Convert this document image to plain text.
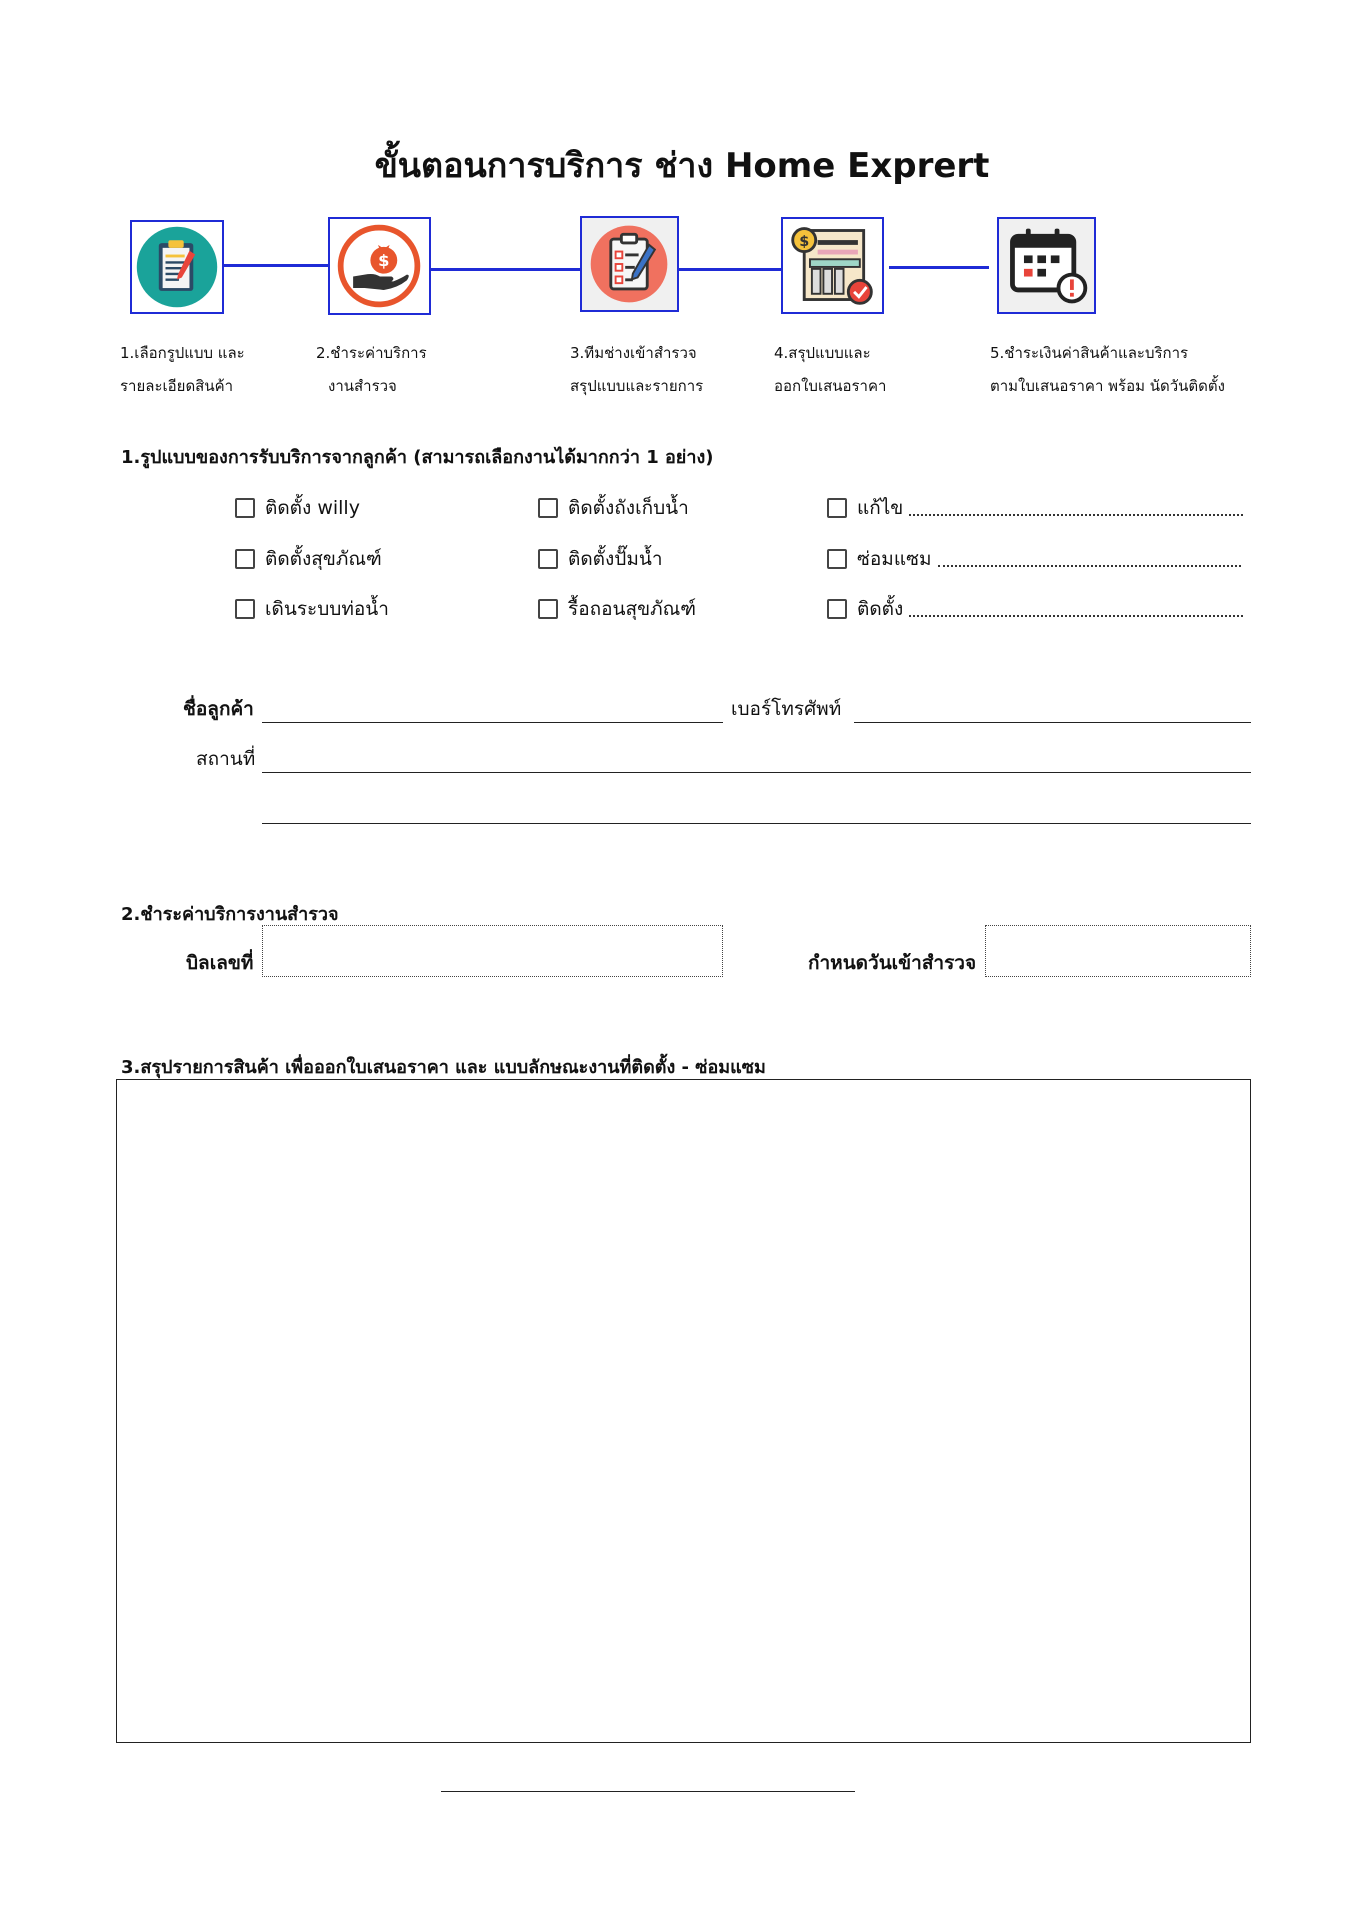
ขั้นตอนการบริการ ช่าง Home Exprert
$
$
1.เลือกรูปแบบ และ
รายละเอียดสินค้า
2.ชำระค่าบริการ
งานสำรวจ
3.ทีมช่างเข้าสำรวจ
สรุปแบบและรายการ
4.สรุปแบบและ
ออกใบเสนอราคา
5.ชำระเงินค่าสินค้าและบริการ
ตามใบเสนอราคา พร้อม นัดวันติดตั้ง
1.รูปแบบของการรับบริการจากลูกค้า (สามารถเลือกงานได้มากกว่า 1 อย่าง)
ติดตั้ง willy	ติดตั้งถังเก็บน้ำ	แก้ไข
ติดตั้งสุขภัณฑ์	ติดตั้งปั๊มน้ำ	ซ่อมแซม
เดินระบบท่อน้ำ	รื้อถอนสุขภัณฑ์	ติดตั้ง
ชื่อลูกค้า	เบอร์โทรศัพท์
สถานที่
2.ชำระค่าบริการงานสำรวจ
บิลเลขที่	กำหนดวันเข้าสำรวจ
3.สรุปรายการสินค้า เพื่อออกใบเสนอราคา และ แบบลักษณะงานที่ติดตั้ง - ซ่อมแซม
